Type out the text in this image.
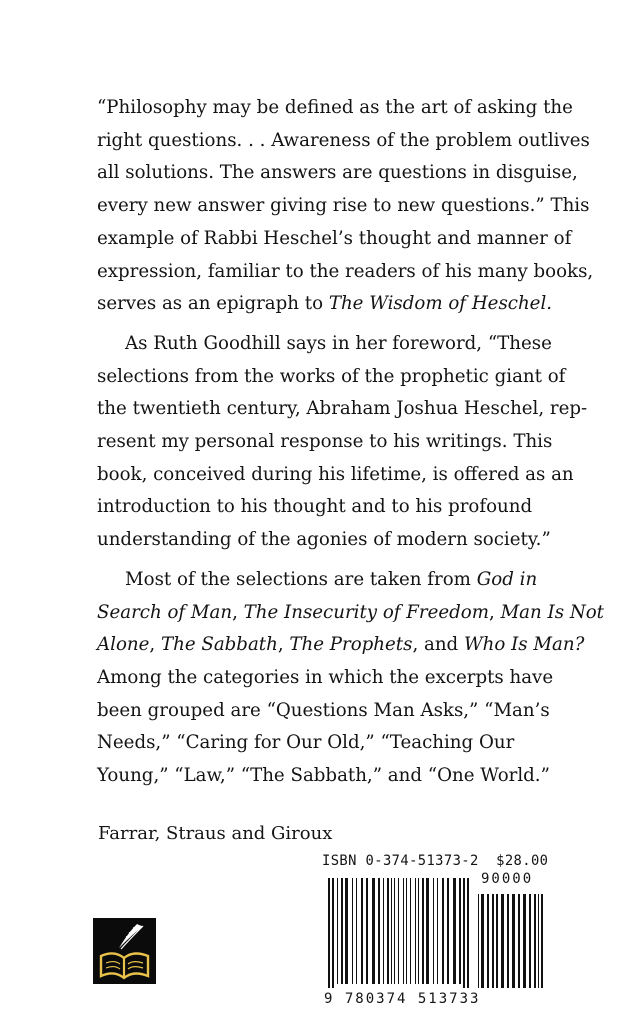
“Philosophy may be defined as the art of asking the
right questions. . . Awareness of the problem outlives
all solutions. The answers are questions in disguise,
every new answer giving rise to new questions.” This
example of Rabbi Heschel’s thought and manner of
expression, familiar to the readers of his many books,
serves as an epigraph to The Wisdom of Heschel.

As Ruth Goodhill says in her foreword, “These
selections from the works of the prophetic giant of
the twentieth century, Abraham Joshua Heschel, rep-
resent my personal response to his writings. This
book, conceived during his lifetime, is offered as an
introduction to his thought and to his profound
understanding of the agonies of modern society.”

Most of the selections are taken from God in
Search of Man, The Insecurity of Freedom, Man Is Not
Alone, The Sabbath, The Prophets, and Who Is Man?
Among the categories in which the excerpts have
been grouped are “Questions Man Asks,” “Man’s
Needs,” “Caring for Our Old,” “Teaching Our
Young,” “Law,” “The Sabbath,” and “One World.”

Farrar, Straus and Giroux
ISBN 0-374-51373-2 $28.00
90000
9 780374 513733
